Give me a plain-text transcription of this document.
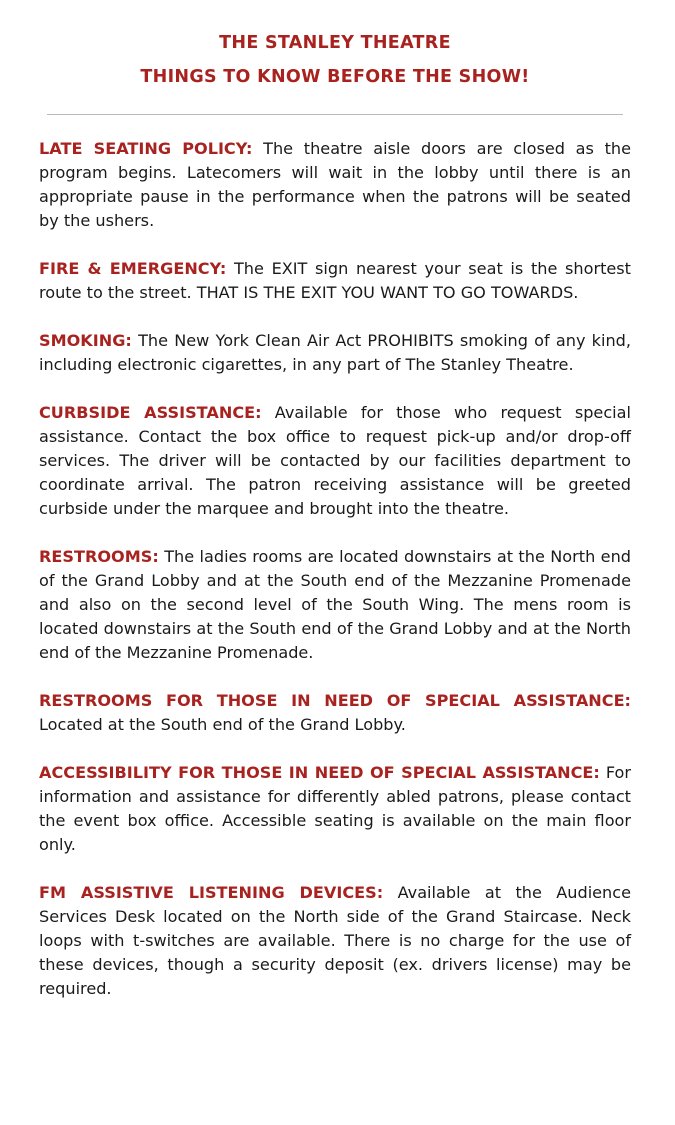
THE STANLEY THEATRE
THINGS TO KNOW BEFORE THE SHOW!

LATE SEATING POLICY: The theatre aisle doors are closed as the program begins. Latecomers will wait in the lobby until there is an appropriate pause in the performance when the patrons will be seated by the ushers.

FIRE & EMERGENCY: The EXIT sign nearest your seat is the shortest route to the street. THAT IS THE EXIT YOU WANT TO GO TOWARDS.

SMOKING: The New York Clean Air Act PROHIBITS smoking of any kind, including electronic cigarettes, in any part of The Stanley Theatre.

CURBSIDE ASSISTANCE: Available for those who request special assistance. Contact the box office to request pick-up and/or drop-off services. The driver will be contacted by our facilities department to coordinate arrival. The patron receiving assistance will be greeted curbside under the marquee and brought into the theatre.

RESTROOMS: The ladies rooms are located downstairs at the North end of the Grand Lobby and at the South end of the Mezzanine Promenade and also on the second level of the South Wing. The mens room is located downstairs at the South end of the Grand Lobby and at the North end of the Mezzanine Promenade.

RESTROOMS FOR THOSE IN NEED OF SPECIAL ASSISTANCE: Located at the South end of the Grand Lobby.

ACCESSIBILITY FOR THOSE IN NEED OF SPECIAL ASSISTANCE: For information and assistance for differently abled patrons, please contact the event box office. Accessible seating is available on the main floor only.

FM ASSISTIVE LISTENING DEVICES: Available at the Audience Services Desk located on the North side of the Grand Staircase. Neck loops with t-switches are available. There is no charge for the use of these devices, though a security deposit (ex. drivers license) may be required.
